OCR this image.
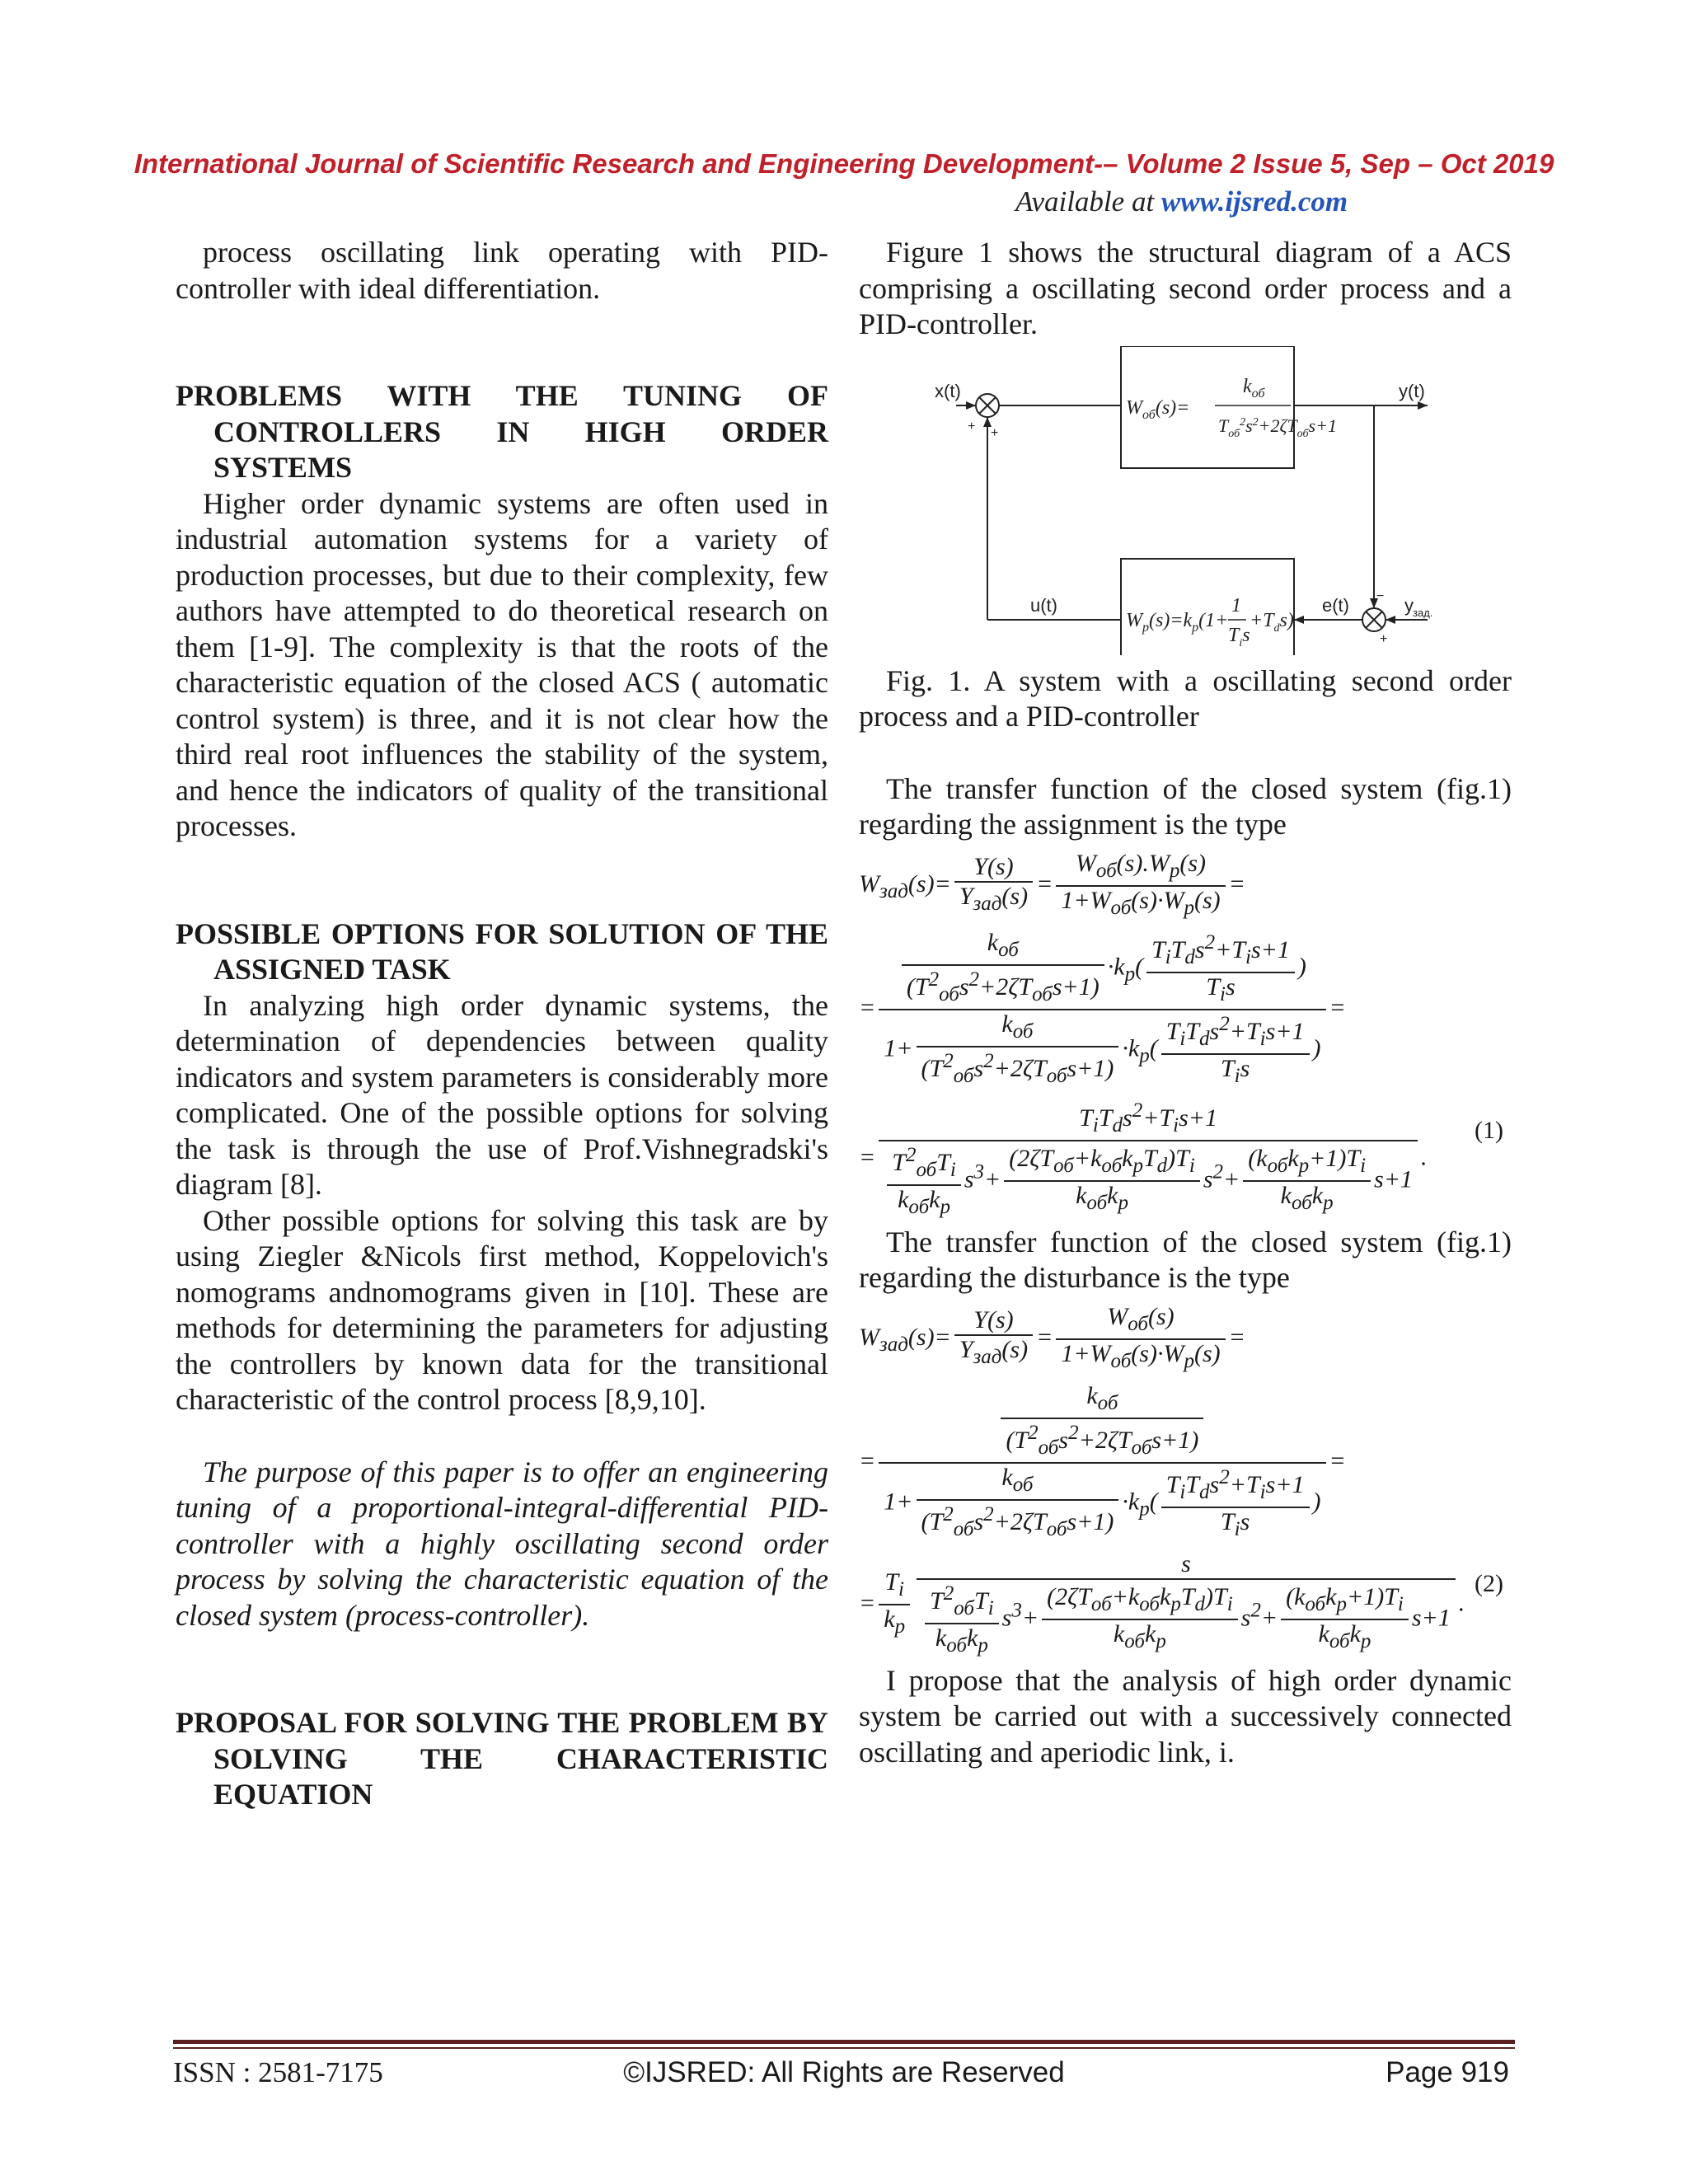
International Journal of Scientific Research and Engineering Development-– Volume 2 Issue 5, Sep – Oct 2019
Available at www.ijsred.com

process oscillating link operating with PID-controller with ideal differentiation.

PROBLEMS WITH THE TUNING OF CONTROLLERS IN HIGH ORDER SYSTEMS

Higher order dynamic systems are often used in industrial automation systems for a variety of production processes, but due to their complexity, few authors have attempted to do theoretical research on them [1-9]. The complexity is that the roots of the characteristic equation of the closed ACS ( automatic control system) is three, and it is not clear how the third real root influences the stability of the system, and hence the indicators of quality of the transitional processes.

POSSIBLE OPTIONS FOR SOLUTION OF THE ASSIGNED TASK

In analyzing high order dynamic systems, the determination of dependencies between quality indicators and system parameters is considerably more complicated. One of the possible options for solving the task is through the use of Prof.Vishnegradski's diagram [8].

Other possible options for solving this task are by using Ziegler &Nicols first method, Koppelovich's nomograms andnomograms given in [10]. These are methods for determining the parameters for adjusting the controllers by known data for the transitional characteristic of the control process [8,9,10].

The purpose of this paper is to offer an engineering tuning of a proportional-integral-differential PID-controller with a highly oscillating second order process by solving the characteristic equation of the closed system (process-controller).

PROPOSAL FOR SOLVING THE PROBLEM BY SOLVING THE CHARACTERISTIC EQUATION

Figure 1 shows the structural diagram of a ACS comprising a oscillating second order process and a PID-controller.

x(t)	y(t)
u(t)	e(t)	y зад.
+ +
−
+
$W_{об}(s)=$
$k_{об}$
$T_{об}^2s^2+2\zeta T_{об}s+1$
$W_p(s)=k_p(1+$
1
$T_is$
$+T_ds$)

Fig. 1. A system with a oscillating second order process and a PID-controller

The transfer function of the closed system (fig.1) regarding the assignment is the type

$W_{зад}(s)= \frac{Y(s)}{Y_{зад}(s)} = \frac{W_{об}(s).W_p(s)}{1+W_{об}(s)\cdot W_p(s)}$ =
= $\frac{\frac{k_{об}}{(T^2_{об}s^2+2\zeta T_{об}s+1)} \cdot k_p( \frac{T_iT_ds^2+T_is+1}{T_is} )}{1+ \frac{k_{об}}{(T^2_{об}s^2+2\zeta T_{об}s+1)} \cdot k_p( \frac{T_iT_ds^2+T_is+1}{T_is} )}$ =
= $\frac{T_iT_ds^2+T_is+1}{\frac{T^2_{об}T_i}{k_{об}k_p} s^3+ \frac{(2\zeta T_{об}+k_{об}k_pT_d)T_i}{k_{об}k_p} s^2+ \frac{(k_{об}k_p+1)T_i}{k_{об}k_p} s+1}$ .
(1)

The transfer function of the closed system (fig.1) regarding the disturbance is the type

$W_{зад}(s)= \frac{Y(s)}{Y_{зад}(s)} = \frac{W_{об}(s)}{1+W_{об}(s)\cdot W_p(s)}$ =
= $\frac{\frac{k_{об}}{(T^2_{об}s^2+2\zeta T_{об}s+1)}}{1+ \frac{k_{об}}{(T^2_{об}s^2+2\zeta T_{об}s+1)} \cdot k_p( \frac{T_iT_ds^2+T_is+1}{T_is} )}$ =
= $\frac{T_i}{k_p} \frac{s}{\frac{T^2_{об}T_i}{k_{об}k_p} s^3+ \frac{(2\zeta T_{об}+k_{об}k_pT_d)T_i}{k_{об}k_p} s^2+ \frac{(k_{об}k_p+1)T_i}{k_{об}k_p} s+1}$ .
(2)

I propose that the analysis of high order dynamic system be carried out with a successively connected oscillating and aperiodic link, i.

ISSN : 2581-7175	©IJSRED: All Rights are Reserved	Page 919
